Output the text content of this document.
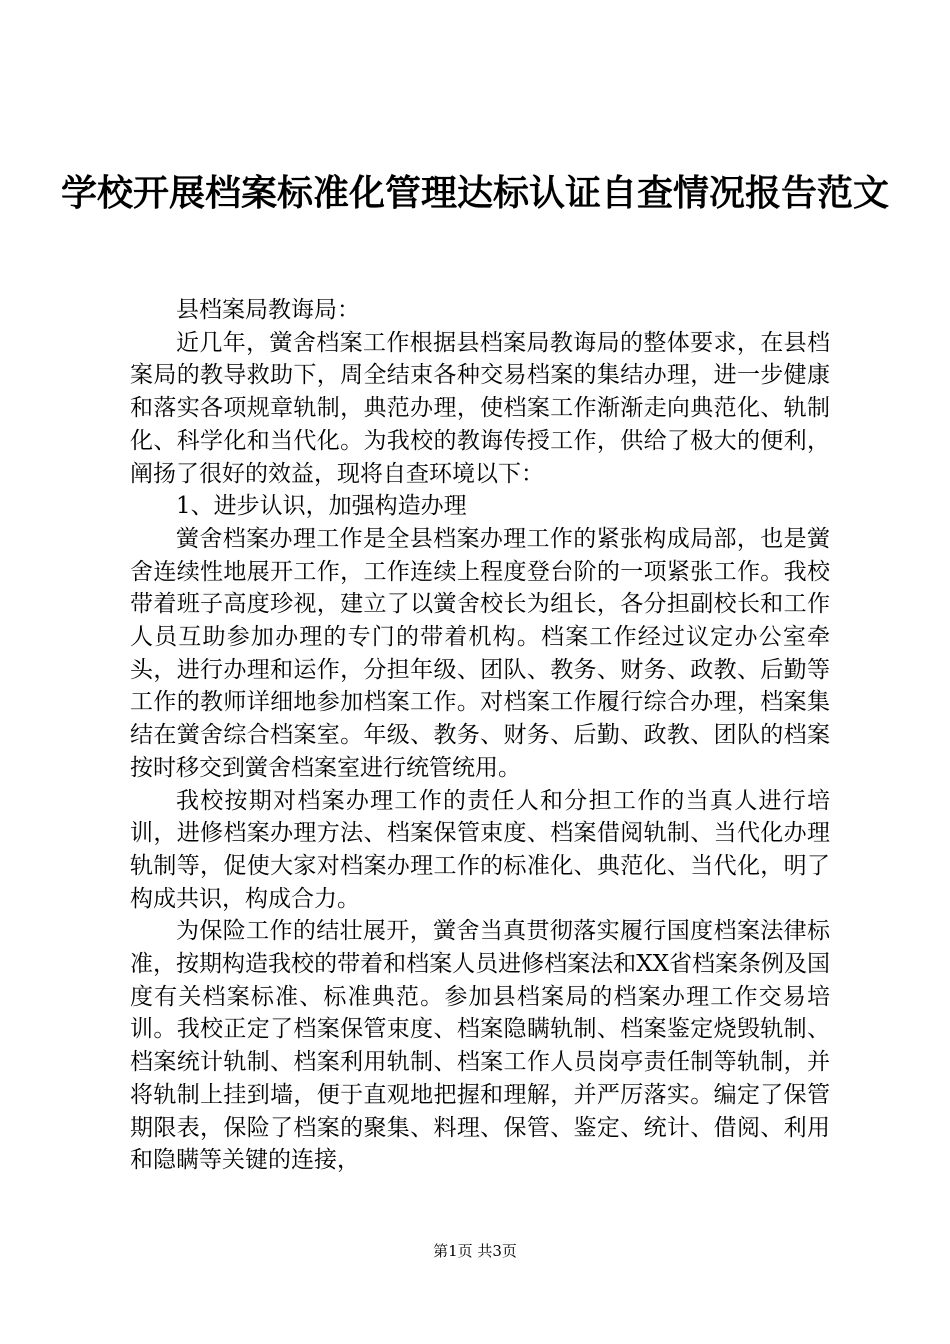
学校开展档案标准化管理达标认证自查情况报告范文

县档案局教诲局：

近几年，黉舍档案工作根据县档案局教诲局的整体要求，在县档案局的教导救助下，周全结束各种交易档案的集结办理，进一步健康和落实各项规章轨制，典范办理，使档案工作渐渐走向典范化、轨制化、科学化和当代化。为我校的教诲传授工作，供给了极大的便利，阐扬了很好的效益，现将自查环境以下：

1、进步认识，加强构造办理

黉舍档案办理工作是全县档案办理工作的紧张构成局部，也是黉舍连续性地展开工作，工作连续上程度登台阶的一项紧张工作。我校带着班子高度珍视，建立了以黉舍校长为组长，各分担副校长和工作人员互助参加办理的专门的带着机构。档案工作经过议定办公室牵头，进行办理和运作，分担年级、团队、教务、财务、政教、后勤等工作的教师详细地参加档案工作。对档案工作履行综合办理，档案集结在黉舍综合档案室。年级、教务、财务、后勤、政教、团队的档案按时移交到黉舍档案室进行统管统用。

我校按期对档案办理工作的责任人和分担工作的当真人进行培训，进修档案办理方法、档案保管束度、档案借阅轨制、当代化办理轨制等，促使大家对档案办理工作的标准化、典范化、当代化，明了构成共识，构成合力。

为保险工作的结壮展开，黉舍当真贯彻落实履行国度档案法律标准，按期构造我校的带着和档案人员进修档案法和XX省档案条例及国度有关档案标准、标准典范。参加县档案局的档案办理工作交易培训。我校正定了档案保管束度、档案隐瞒轨制、档案鉴定烧毁轨制、档案统计轨制、档案利用轨制、档案工作人员岗亭责任制等轨制，并将轨制上挂到墙，便于直观地把握和理解，并严厉落实。编定了保管期限表，保险了档案的聚集、料理、保管、鉴定、统计、借阅、利用和隐瞒等关键的连接，

第1页 共3页
